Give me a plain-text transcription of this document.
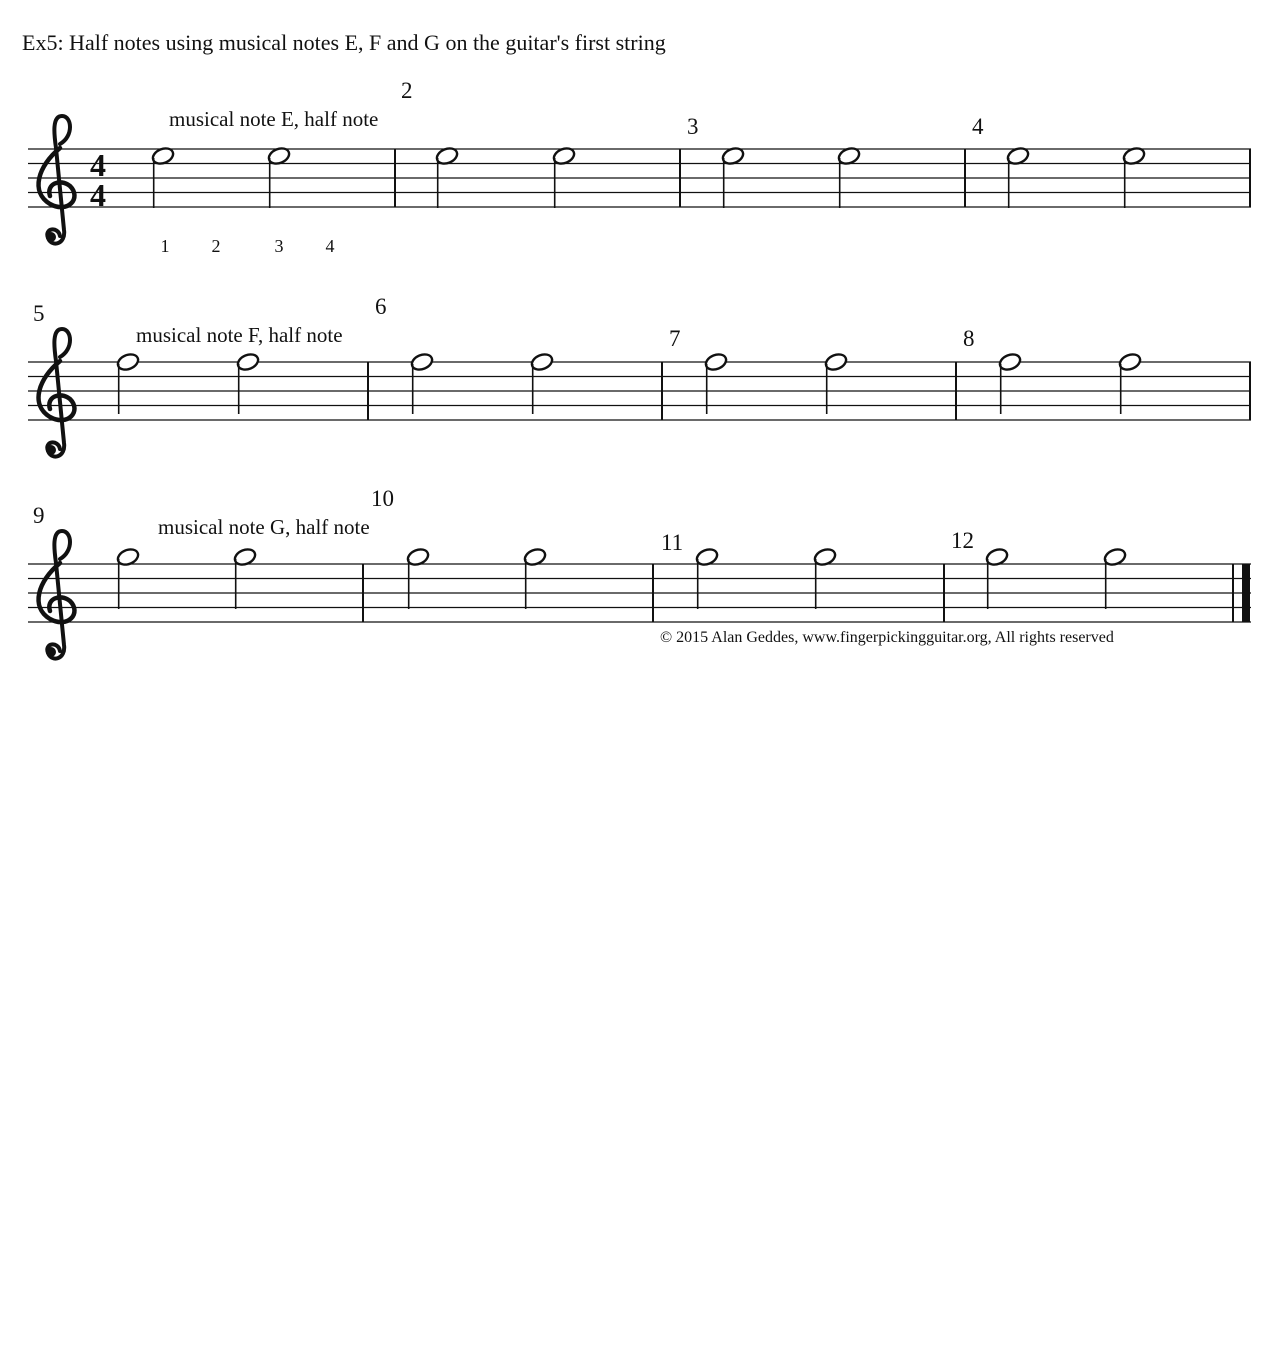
Ex5: Half notes using musical notes E, F and G on the guitar's first string
4
4
musical note E, half note
2
3	4
1 2	3 4
5
musical note F, half note
6
7	8
9	musical note G, half note
10
11	12
© 2015 Alan Geddes, www.fingerpickingguitar.org, All rights reserved
